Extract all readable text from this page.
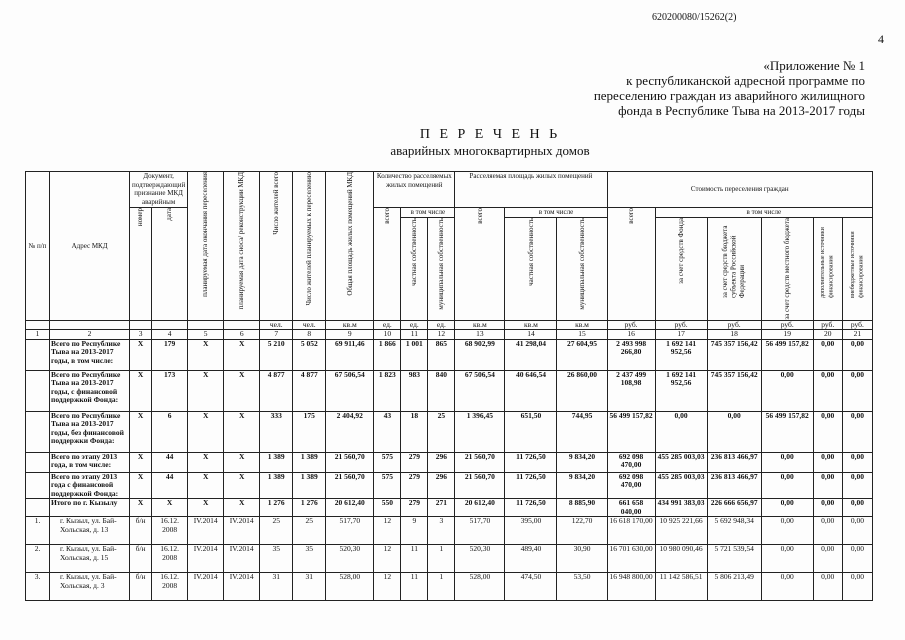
620200080/15262(2)
4
«Приложение № 1
к республиканской адресной программе по
переселению граждан из аварийного жилищного
фонда в Республике Тыва на 2013-2017 годы
П Е Р Е Ч Е Н Ь
аварийных многоквартирных домов
№ п/п	Адрес МКД	Документ, подтверждающий признание МКД аварийным		планируемая дата окончания переселения	планируемая дата сноса/ реконструкции МКД	Число жителей всего	Число жителей планируемых к переселению	Общая площадь жилых помещений МКД	Количество расселяемых жилых помещений			Расселяемая площадь жилых помещений			Стоимость переселения граждан					

		номер	дата						всего	в том числе		всего	в том числе		всего	в том числе				

										частная собственность	муниципальная собственность		частная собственность	муниципальная собственность		за счет средств Фонда	за счет средств бюджета субъекта Российской Федерации	за счет средств местного бюджета	дополнительные источники финансирования	внебюджетные источники финансирования

						чел.	чел.	кв.м	ед.	ед.	ед.	кв.м	кв.м	кв.м	руб.	руб.	руб.	руб.	руб.	руб.
1	2	3	4	5	6	7	8	9	10	11	12	13	14	15	16	17	18	19	20	21
	Всего по Республике Тыва на 2013-2017 годы, в том числе:	Х	179	Х	Х	5 210	5 052	69 911,46	1 866	1 001	865	68 902,99	41 298,04	27 604,95	2 493 998 266,80	1 692 141 952,56	745 357 156,42	56 499 157,82	0,00	0,00
	Всего по Республике Тыва на 2013-2017 годы, с финансовой поддержкой Фонда:	Х	173	Х	Х	4 877	4 877	67 506,54	1 823	983	840	67 506,54	40 646,54	26 860,00	2 437 499 108,98	1 692 141 952,56	745 357 156,42	0,00	0,00	0,00
	Всего по Республике Тыва на 2013-2017 годы, без финансовой поддержки Фонда:	Х	6	Х	Х	333	175	2 404,92	43	18	25	1 396,45	651,50	744,95	56 499 157,82	0,00	0,00	56 499 157,82	0,00	0,00
	Всего по этапу 2013 года, в том числе:	Х	44	Х	Х	1 389	1 389	21 560,70	575	279	296	21 560,70	11 726,50	9 834,20	692 098 470,00	455 285 003,03	236 813 466,97	0,00	0,00	0,00
	Всего по этапу 2013 года с финансовой поддержкой Фонда:	Х	44	Х	Х	1 389	1 389	21 560,70	575	279	296	21 560,70	11 726,50	9 834,20	692 098 470,00	455 285 003,03	236 813 466,97	0,00	0,00	0,00
	Итого по г. Кызылу	Х	Х	Х	Х	1 276	1 276	20 612,40	550	279	271	20 612,40	11 726,50	8 885,90	661 658 040,00	434 991 383,03	226 666 656,97	0,00	0,00	0,00
1.	г. Кызыл, ул. Бай-Хольская, д. 13	б/н	16.12. 2008	IV.2014	IV.2014	25	25	517,70	12	9	3	517,70	395,00	122,70	16 618 170,00	10 925 221,66	5 692 948,34	0,00	0,00	0,00
2.	г. Кызыл, ул. Бай-Хольская, д. 15	б/н	16.12. 2008	IV.2014	IV.2014	35	35	520,30	12	11	1	520,30	489,40	30,90	16 701 630,00	10 980 090,46	5 721 539,54	0,00	0,00	0,00
3.	г. Кызыл, ул. Бай-Хольская, д. 3	б/н	16.12. 2008	IV.2014	IV.2014	31	31	528,00	12	11	1	528,00	474,50	53,50	16 948 800,00	11 142 586,51	5 806 213,49	0,00	0,00	0,00
